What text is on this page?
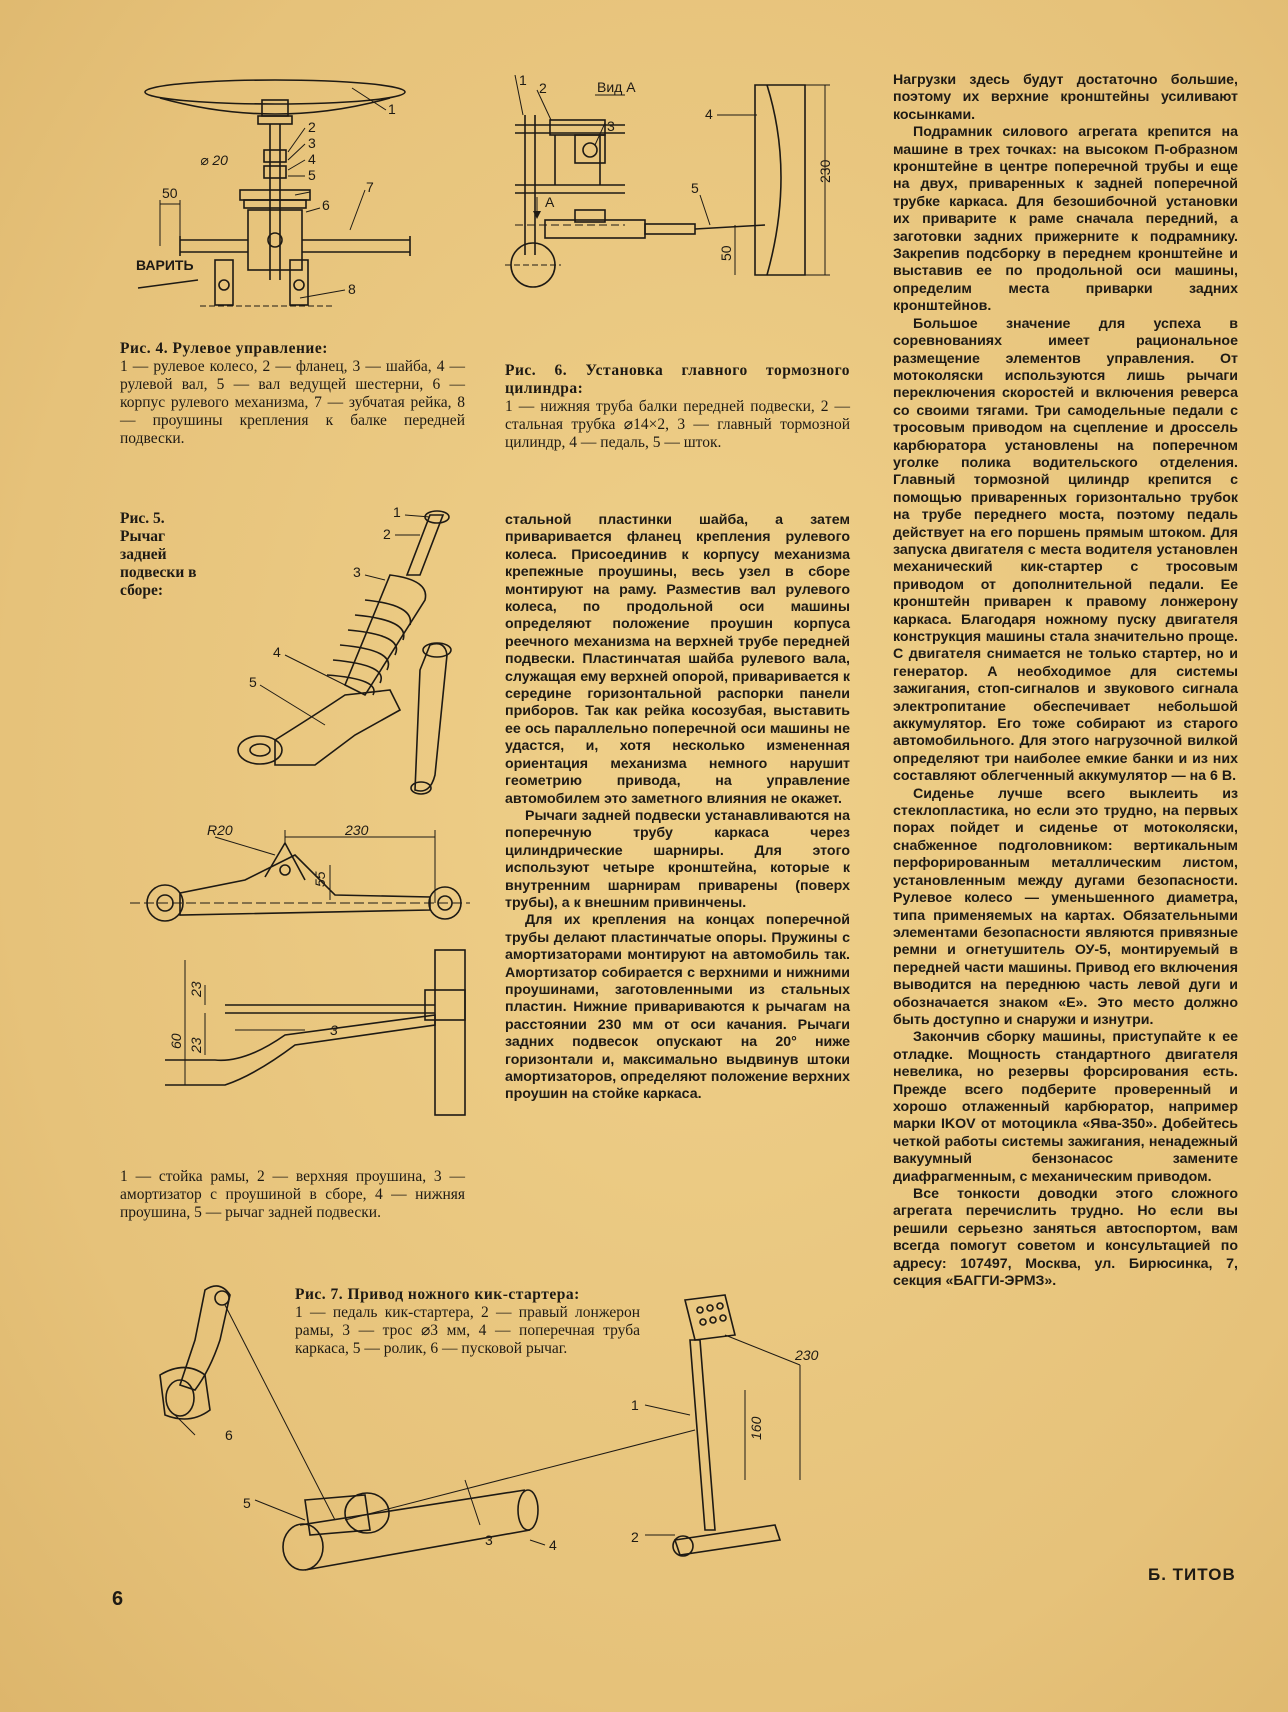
1
2
3
4
5
6
7
8
50
⌀ 20
ВАРИТЬ
Рис. 4. Рулевое управление:
1 — рулевое колесо, 2 — фланец, 3 — шайба, 4 — рулевой вал, 5 — вал ведущей шестерни, 6 — корпус рулевого механизма, 7 — зубчатая рейка, 8 — проушины крепления к балке передней подвески.
Вид А
1 2
3
4
5
А
230
50
Рис. 6. Установка главного тормозного цилиндра:
1 — нижняя труба балки передней подвески, 2 — стальная трубка ⌀14×2, 3 — главный тормозной цилиндр, 4 — педаль, 5 — шток.
Рис. 5. Рычаг задней подвески в сборе:
1
2
3
4
5
R20	230
55
23
60 23
3
1 — стойка рамы, 2 — верхняя проушина, 3 — амортизатор с проушиной в сборе, 4 — нижняя проушина, 5 — рычаг задней подвески.

стальной пластинки шайба, а затем приваривается фланец крепления рулевого колеса. Присоединив к корпусу механизма крепежные проушины, весь узел в сборе монтируют на раму. Разместив вал рулевого колеса, по продольной оси машины определяют положение проушин корпуса реечного механизма на верхней трубе передней подвески. Пластинчатая шайба рулевого вала, служащая ему верхней опорой, приваривается к середине горизонтальной распорки панели приборов. Так как рейка косозубая, выставить ее ось параллельно поперечной оси машины не удастся, и, хотя несколько измененная ориентация механизма немного нарушит геометрию привода, на управление автомобилем это заметного влияния не окажет.

Рычаги задней подвески устанавливаются на поперечную трубу каркаса через цилиндрические шарниры. Для этого используют четыре кронштейна, которые к внутренним шарнирам приварены (поверх трубы), а к внешним привинчены.

Для их крепления на концах поперечной трубы делают пластинчатые опоры. Пружины с амортизаторами монтируют на автомобиль так. Амортизатор собирается с верхними и нижними проушинами, заготовленными из стальных пластин. Нижние привариваются к рычагам на расстоянии 230 мм от оси качания. Рычаги задних подвесок опускают на 20° ниже горизонтали и, максимально выдвинув штоки амортизаторов, определяют положение верхних проушин на стойке каркаса.

Нагрузки здесь будут достаточно большие, поэтому их верхние кронштейны усиливают косынками.

Подрамник силового агрегата крепится на машине в трех точках: на высоком П-образном кронштейне в центре поперечной трубы и еще на двух, приваренных к задней поперечной трубке каркаса. Для безошибочной установки их приварите к раме сначала передний, а заготовки задних прижерните к подрамнику. Закрепив подсборку в переднем кронштейне и выставив ее по продольной оси машины, определим места приварки задних кронштейнов.

Большое значение для успеха в соревнованиях имеет рациональное размещение элементов управления. От мотоколяски используются лишь рычаги переключения скоростей и включения реверса со своими тягами. Три самодельные педали с тросовым приводом на сцепление и дроссель карбюратора установлены на поперечном уголке полика водительского отделения. Главный тормозной цилиндр крепится с помощью приваренных горизонтально трубок на трубе переднего моста, поэтому педаль действует на его поршень прямым штоком. Для запуска двигателя с места водителя установлен механический кик-стартер с тросовым приводом от дополнительной педали. Ее кронштейн приварен к правому лонжерону каркаса. Благодаря ножному пуску двигателя конструкция машины стала значительно проще. С двигателя снимается не только стартер, но и генератор. А необходимое для системы зажигания, стоп-сигналов и звукового сигнала электропитание обеспечивает небольшой аккумулятор. Его тоже собирают из старого автомобильного. Для этого нагрузочной вилкой определяют три наиболее емкие банки и из них составляют облегченный аккумулятор — на 6 В.

Сиденье лучше всего выклеить из стеклопластика, но если это трудно, на первых порах пойдет и сиденье от мотоколяски, снабженное подголовником: вертикальным перфорированным металлическим листом, установленным между дугами безопасности. Рулевое колесо — уменьшенного диаметра, типа применяемых на картах. Обязательными элементами безопасности являются привязные ремни и огнетушитель ОУ-5, монтируемый в передней части машины. Привод его включения выводится на переднюю часть левой дуги и обозначается знаком «Е». Это место должно быть доступно и снаружи и изнутри.

Закончив сборку машины, приступайте к ее отладке. Мощность стандартного двигателя невелика, но резервы форсирования есть. Прежде всего подберите проверенный и хорошо отлаженный карбюратор, например марки IKOV от мотоцикла «Ява-350». Добейтесь четкой работы системы зажигания, ненадежный вакуумный бензонасос замените диафрагменным, с механическим приводом.

Все тонкости доводки этого сложного агрегата перечислить трудно. Но если вы решили серьезно заняться автоспортом, вам всегда помогут советом и консультацией по адресу: 107497, Москва, ул. Бирюсинка, 7, секция «БАГГИ-ЭРМЗ».

Б. ТИТОВ
1
2
3	4
5
6
230
160
Рис. 7. Привод ножного кик-стартера:
1 — педаль кик-стартера, 2 — правый лонжерон рамы, 3 — трос ⌀3 мм, 4 — поперечная труба каркаса, 5 — ролик, 6 — пусковой рычаг.
6
